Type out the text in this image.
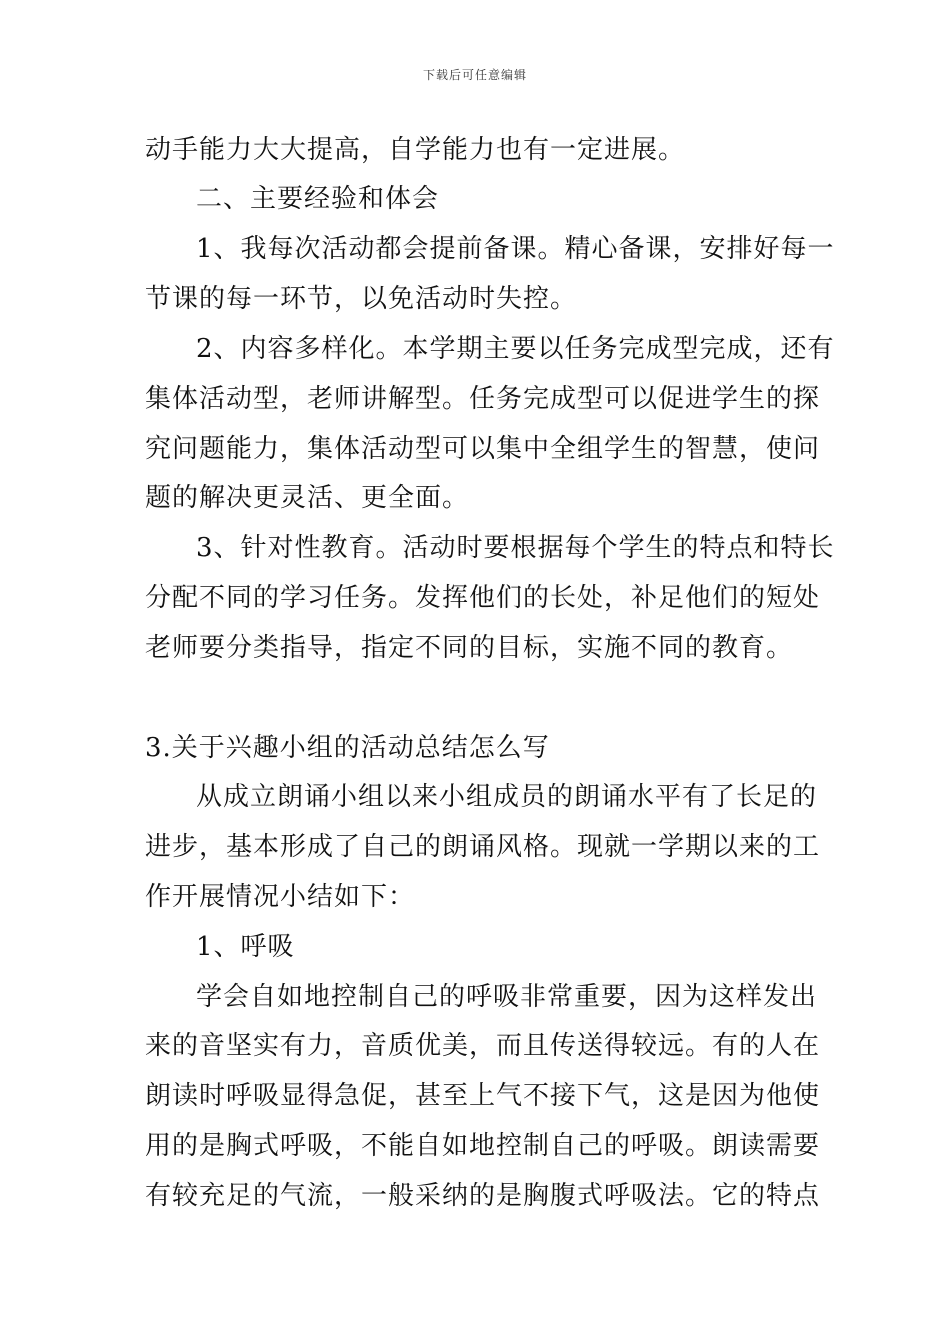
下载后可任意编辑
动手能力大大提高，自学能力也有一定进展。
二、主要经验和体会
1、我每次活动都会提前备课。精心备课，安排好每一
节课的每一环节，以免活动时失控。
2、内容多样化。本学期主要以任务完成型完成，还有
集体活动型，老师讲解型。任务完成型可以促进学生的探
究问题能力，集体活动型可以集中全组学生的智慧，使问
题的解决更灵活、更全面。
3、针对性教育。活动时要根据每个学生的特点和特长
分配不同的学习任务。发挥他们的长处，补足他们的短处
老师要分类指导，指定不同的目标，实施不同的教育。
3.关于兴趣小组的活动总结怎么写
从成立朗诵小组以来小组成员的朗诵水平有了长足的
进步，基本形成了自己的朗诵风格。现就一学期以来的工
作开展情况小结如下：
1、呼吸
学会自如地控制自己的呼吸非常重要，因为这样发出
来的音坚实有力，音质优美，而且传送得较远。有的人在
朗读时呼吸显得急促，甚至上气不接下气，这是因为他使
用的是胸式呼吸，不能自如地控制自己的呼吸。朗读需要
有较充足的气流，一般采纳的是胸腹式呼吸法。它的特点
